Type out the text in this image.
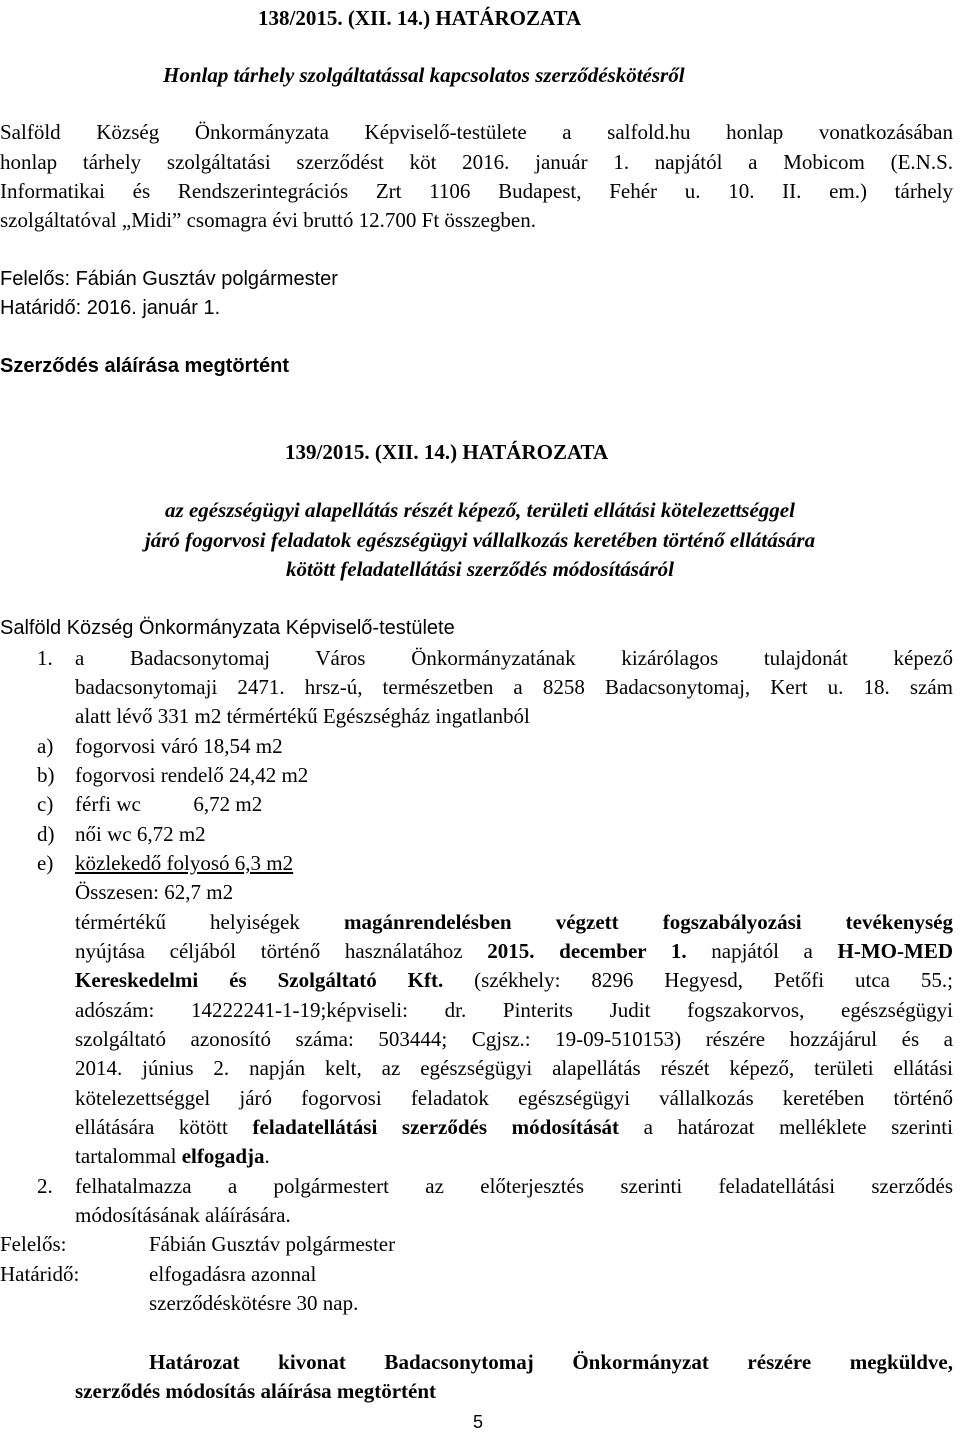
138/2015. (XII. 14.) HATÁROZATA
Honlap tárhely szolgáltatással kapcsolatos szerződéskötésről
Salföld Község Önkormányzata Képviselő-testülete a salfold.hu honlap vonatkozásában
honlap tárhely szolgáltatási szerződést köt 2016. január 1. napjától a Mobicom (E.N.S.
Informatikai és Rendszerintegrációs Zrt 1106 Budapest, Fehér u. 10. II. em.) tárhely
szolgáltatóval „Midi” csomagra évi bruttó 12.700 Ft összegben.
Felelős: Fábián Gusztáv polgármester
Határidő: 2016. január 1.
Szerződés aláírása megtörtént
139/2015. (XII. 14.) HATÁROZATA
az egészségügyi alapellátás részét képező, területi ellátási kötelezettséggel
járó fogorvosi feladatok egészségügyi vállalkozás keretében történő ellátására
kötött feladatellátási szerződés módosításáról
Salföld Község Önkormányzata Képviselő-testülete
1. a Badacsonytomaj Város Önkormányzatának kizárólagos tulajdonát képező
badacsonytomaji 2471. hrsz-ú, természetben a 8258 Badacsonytomaj, Kert u. 18. szám
alatt lévő 331 m2 térmértékű Egészségház ingatlanból
a) fogorvosi váró 18,54 m2
b) fogorvosi rendelő 24,42 m2
c) férfi wc          6,72 m2
d) női wc 6,72 m2
e) közlekedő folyosó 6,3 m2
Összesen: 62,7 m2
térmértékű helyiségek magánrendelésben végzett fogszabályozási tevékenység
nyújtása céljából történő használatához 2015. december 1. napjától a H-MO-MED
Kereskedelmi és Szolgáltató Kft. (székhely: 8296 Hegyesd, Petőfi utca 55.;
adószám: 14222241-1-19;képviseli: dr. Pinterits Judit fogszakorvos, egészségügyi
szolgáltató azonosító száma: 503444; Cgjsz.: 19-09-510153) részére hozzájárul és a
2014. június 2. napján kelt, az egészségügyi alapellátás részét képező, területi ellátási
kötelezettséggel járó fogorvosi feladatok egészségügyi vállalkozás keretében történő
ellátására kötött feladatellátási szerződés módosítását a határozat melléklete szerinti
tartalommal elfogadja.
2. felhatalmazza a polgármestert az előterjesztés szerinti feladatellátási szerződés
módosításának aláírására.
Felelős:	Fábián Gusztáv polgármester
Határidő:	elfogadásra azonnal
szerződéskötésre 30 nap.
Határozat kivonat Badacsonytomaj Önkormányzat részére megküldve,
szerződés módosítás aláírása megtörtént
5
